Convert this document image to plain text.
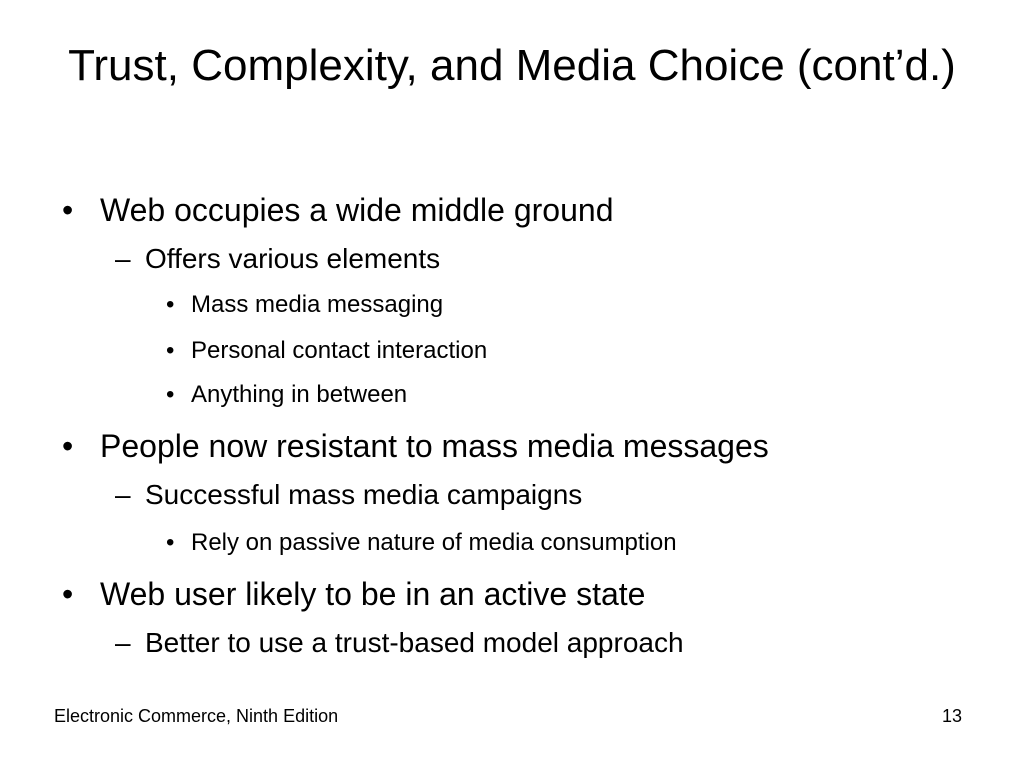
Trust, Complexity, and Media Choice (cont’d.)
• Web occupies a wide middle ground
– Offers various elements
• Mass media messaging
• Personal contact interaction
• Anything in between
• People now resistant to mass media messages
– Successful mass media campaigns
• Rely on passive nature of media consumption
• Web user likely to be in an active state
– Better to use a trust-based model approach
Electronic Commerce, Ninth Edition	13
